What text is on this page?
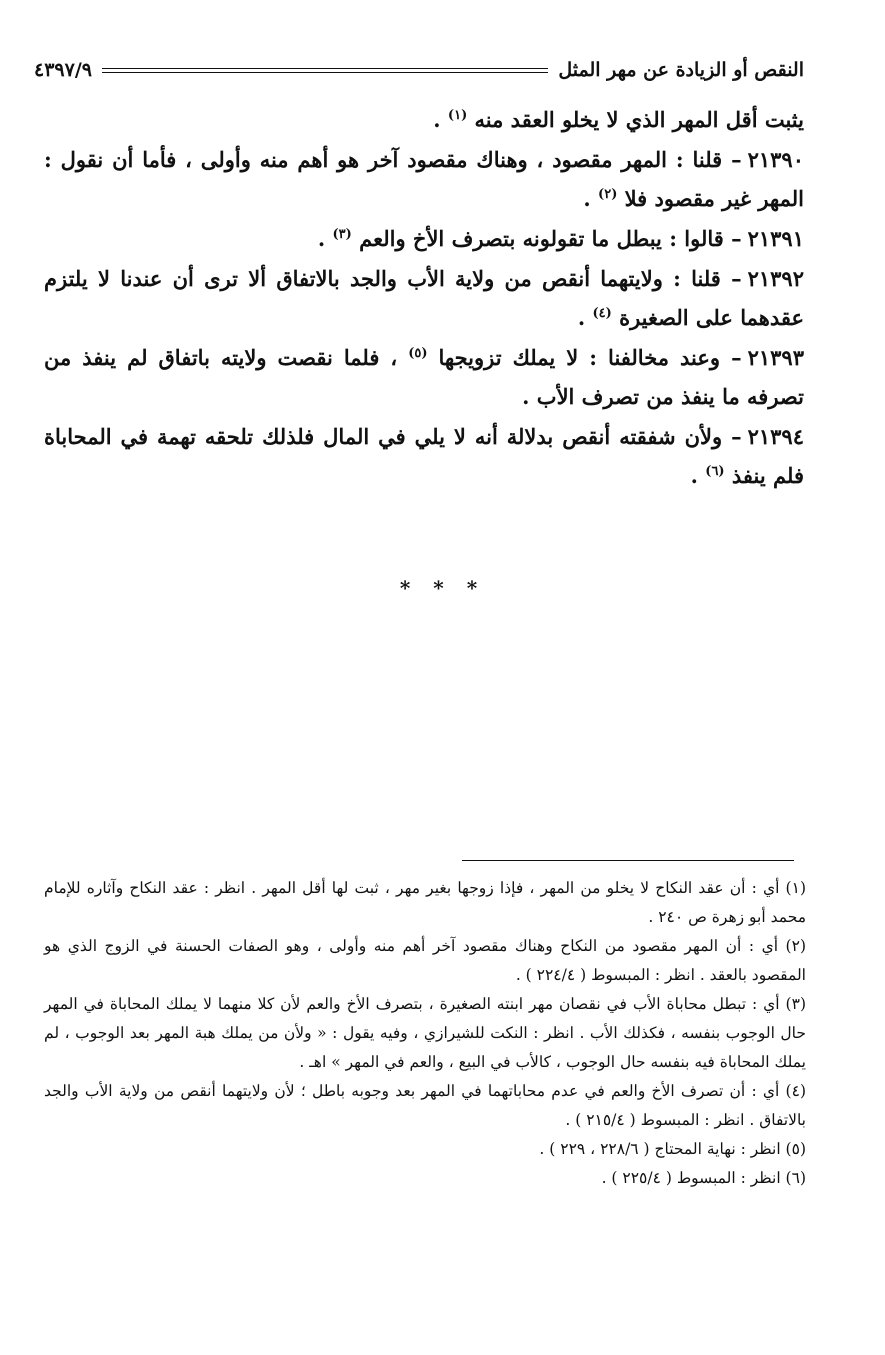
النقص أو الزيادة عن مهر المثل
٤٣٩٧/٩

يثبت أقل المهر الذي لا يخلو العقد منه $^{(١)}$ .

٢١٣٩٠– قلنا : المهر مقصود ، وهناك مقصود آخر هو أهم منه وأولى ، فأما أن نقول : المهر غير مقصود فلا $^{(٢)}$ .

٢١٣٩١– قالوا : يبطل ما تقولونه بتصرف الأخ والعم $^{(٣)}$ .

٢١٣٩٢– قلنا : ولايتهما أنقص من ولاية الأب والجد بالاتفاق ألا ترى أن عندنا لا يلتزم عقدهما على الصغيرة $^{(٤)}$ .

٢١٣٩٣– وعند مخالفنا : لا يملك تزويجها $^{(٥)}$ ، فلما نقصت ولايته باتفاق لم ينفذ من تصرفه ما ينفذ من تصرف الأب .

٢١٣٩٤– ولأن شفقته أنقص بدلالة أنه لا يلي في المال فلذلك تلحقه تهمة في المحاباة فلم ينفذ $^{(٦)}$ .

* * *

(١) أي : أن عقد النكاح لا يخلو من المهر ، فإذا زوجها بغير مهر ، ثبت لها أقل المهر . انظر : عقد النكاح وآثاره للإمام محمد أبو زهرة ص ٢٤٠ .

(٢) أي : أن المهر مقصود من النكاح وهناك مقصود آخر أهم منه وأولى ، وهو الصفات الحسنة في الزوج الذي هو المقصود بالعقد . انظر : المبسوط ( ٢٢٤/٤ ) .

(٣) أي : تبطل محاباة الأب في نقصان مهر ابنته الصغيرة ، بتصرف الأخ والعم لأن كلا منهما لا يملك المحاباة في المهر حال الوجوب بنفسه ، فكذلك الأب . انظر : النكت للشيرازي ، وفيه يقول : « ولأن من يملك هبة المهر بعد الوجوب ، لم يملك المحاباة فيه بنفسه حال الوجوب ، كالأب في البيع ، والعم في المهر » اهـ .

(٤) أي : أن تصرف الأخ والعم في عدم محاباتهما في المهر بعد وجوبه باطل ؛ لأن ولايتهما أنقص من ولاية الأب والجد بالاتفاق . انظر : المبسوط ( ٢١٥/٤ ) .

(٥) انظر : نهاية المحتاج ( ٢٢٨/٦ ، ٢٢٩ ) .

(٦) انظر : المبسوط ( ٢٢٥/٤ ) .
